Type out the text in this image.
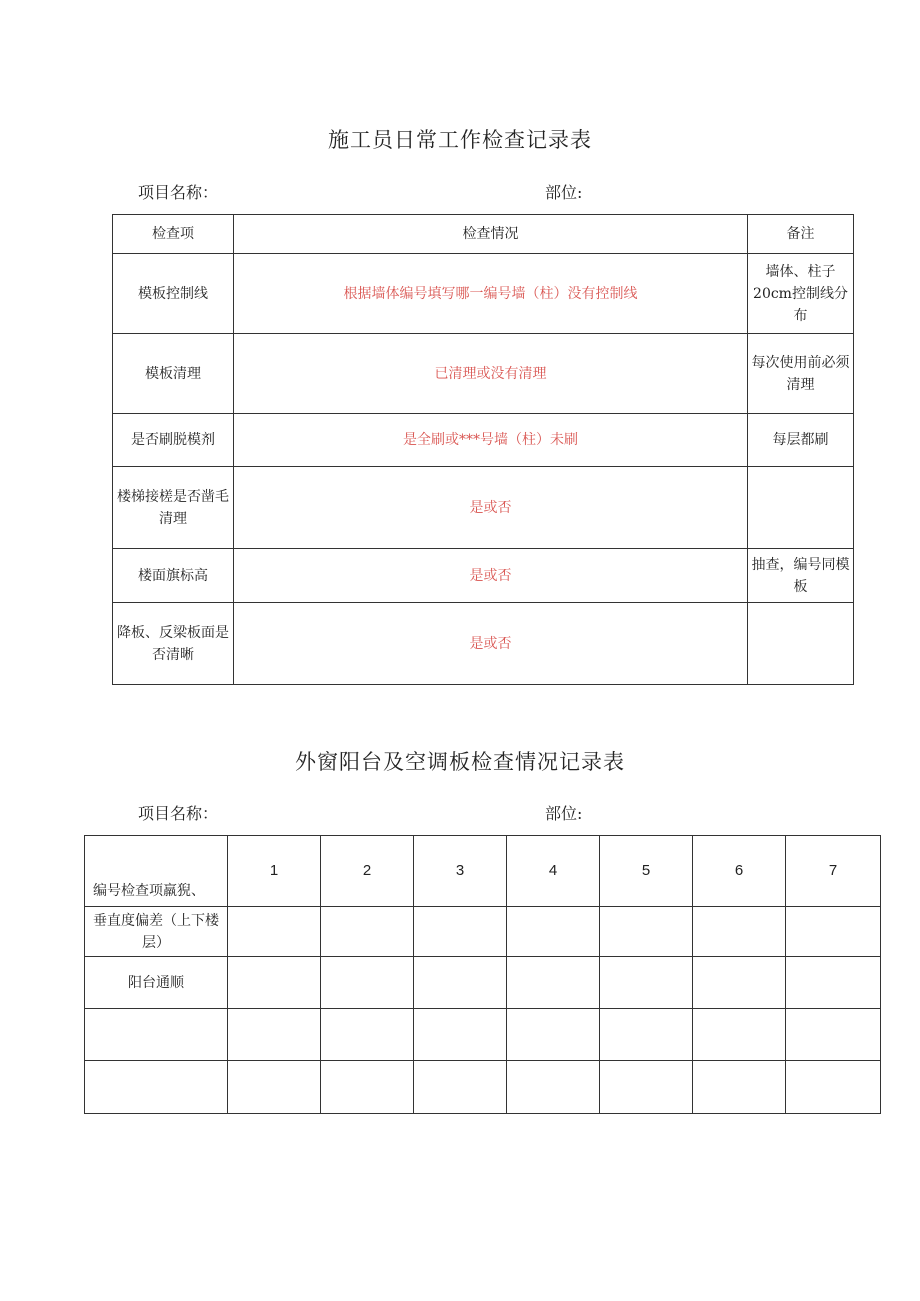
施工员日常工作检查记录表
项目名称：	部位:
检查项	检查情况	备注
模板控制线	根据墙体编号填写哪一编号墙（柱）没有控制线	墙体、柱子20cm控制线分布
模板清理	已清理或没有清理	每次使用前必须清理
是否刷脱模剂	是全刷或***号墙（柱）未刷	每层都刷
楼梯接槎是否凿毛清理	是或否	
楼面旗标高	是或否	抽查，编号同模板
降板、反梁板面是否清晰	是或否	
外窗阳台及空调板检查情况记录表
项目名称：	部位:
编号检查项羸猊、	1	2	3	4	5	6	7
垂直度偏差（上下楼层）							
阳台通顺							
